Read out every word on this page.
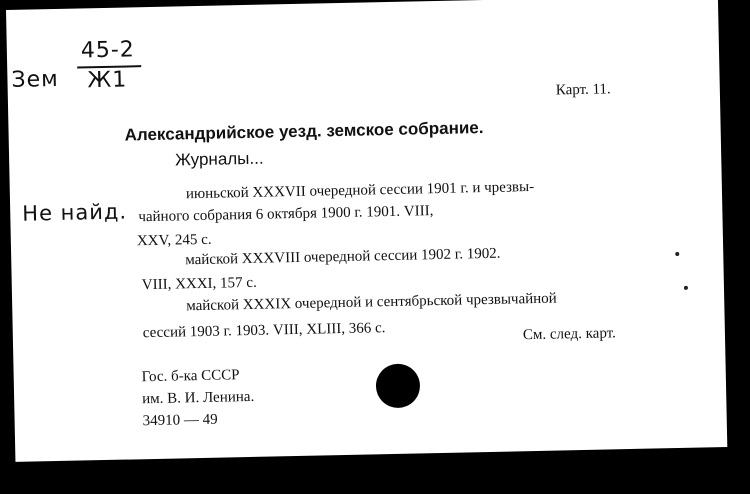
Зем
45-2
Ж1	Карт. 11.
Александрийское уезд. земское собрание.
Журналы...
Не найд.
июньской XXXVII очередной сессии 1901 г. и чрезвы-
чайного собрания 6 октября 1900 г. 1901. VIII,
XXV, 245 с.
майской XXXVIII очередной сессии 1902 г. 1902.
VIII, XXXI, 157 с.
майской XXXIX очередной и сентябрьской чрезвычайной
сессий 1903 г. 1903. VIII, XLIII, 366 с.	См. след. карт.
Гос. б-ка СССР
им. В. И. Ленина.
34910 — 49
